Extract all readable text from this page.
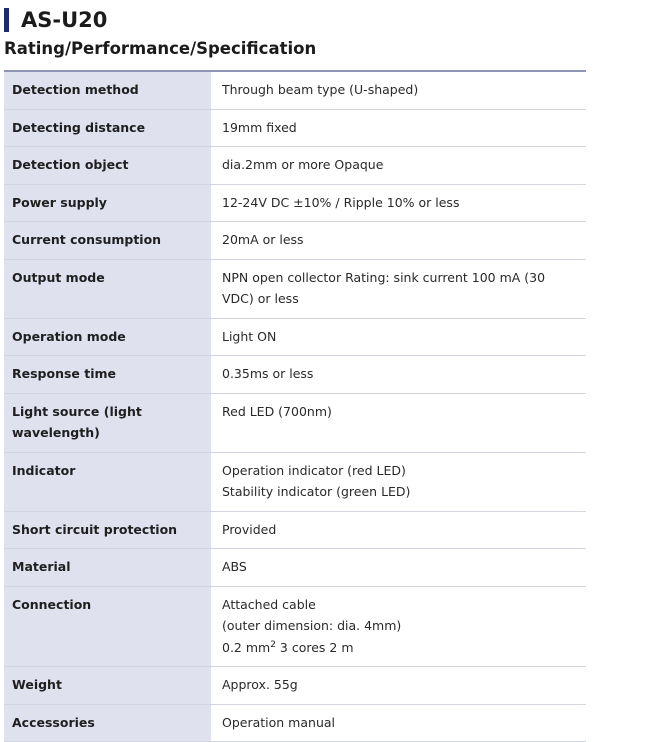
AS-U20
Rating/Performance/Specification
Detection method	Through beam type (U-shaped)

Detecting distance	19mm fixed

Detection object	dia.2mm or more Opaque

Power supply	12-24V DC ±10% / Ripple 10% or less

Current consumption	20mA or less

Output mode	NPN open collector Rating: sink current 100 mA (30 VDC) or less

Operation mode	Light ON

Response time	0.35ms or less

Light source (light wavelength)	Red LED (700nm)

Indicator	Operation indicator (red LED)
Stability indicator (green LED)

Short circuit protection	Provided

Material	ABS

Connection	Attached cable
(outer dimension: dia. 4mm)
0.2 $mm^2$ 3 cores 2 m

Weight	Approx. 55g

Accessories	Operation manual
